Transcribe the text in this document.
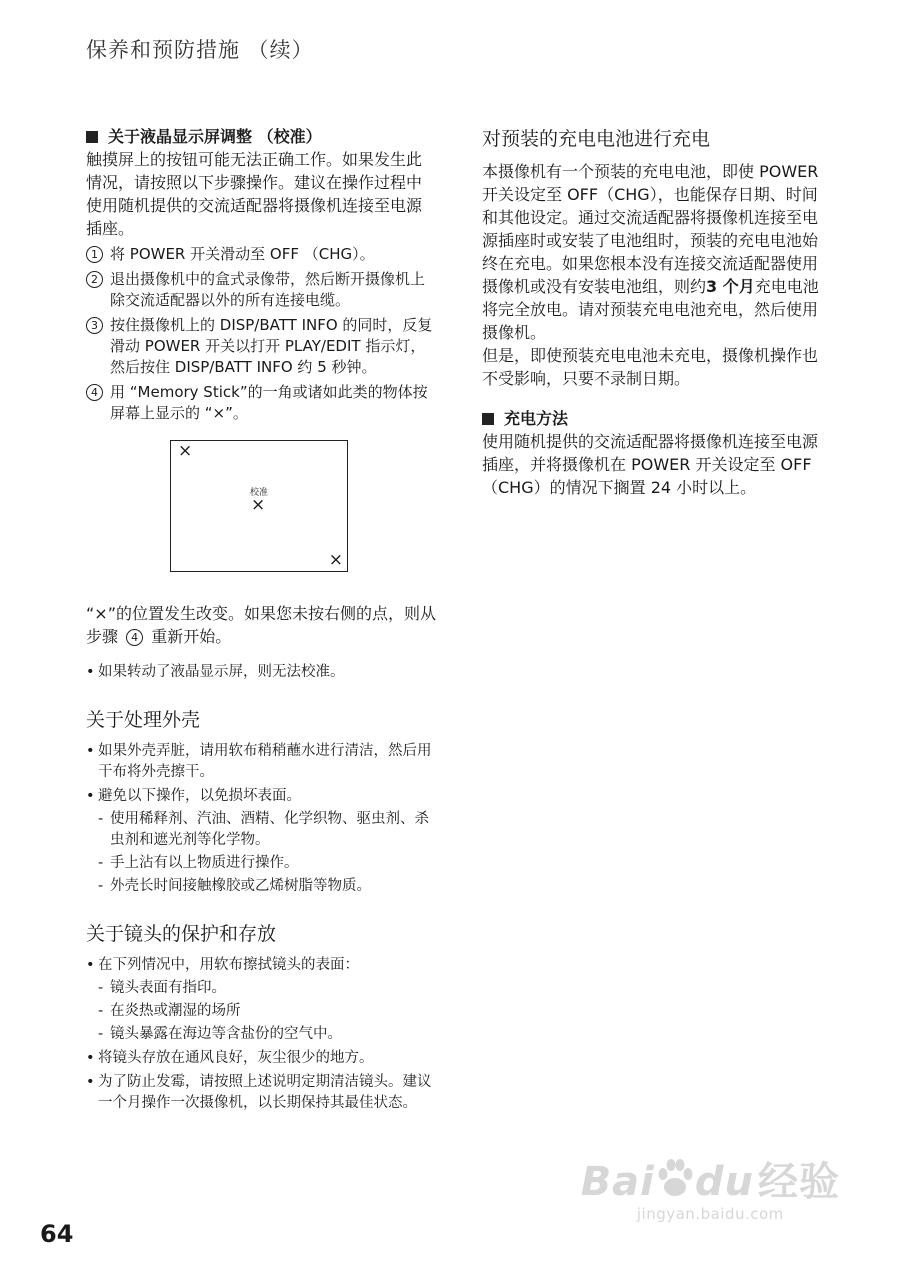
保养和预防措施 （续）
关于液晶显示屏调整 （校准）

触摸屏上的按钮可能无法正确工作。如果发生此情况，请按照以下步骤操作。建议在操作过程中使用随机提供的交流适配器将摄像机连接至电源插座。

1 将 POWER 开关滑动至 OFF （CHG）。
2 退出摄像机中的盒式录像带，然后断开摄像机上除交流适配器以外的所有连接电缆。
3 按住摄像机上的 DISP/BATT INFO 的同时，反复滑动 POWER 开关以打开 PLAY/EDIT 指示灯，然后按住 DISP/BATT INFO 约 5 秒钟。
4 用 “Memory Stick”的一角或诸如此类的物体按屏幕上显示的 “×”。
×
校准
×
×

“×”的位置发生改变。如果您未按右侧的点，则从步骤 4 重新开始。

• 如果转动了液晶显示屏，则无法校准。
关于处理外壳
• 如果外壳弄脏，请用软布稍稍蘸水进行清洁，然后用干布将外壳擦干。
• 避免以下操作，以免损坏表面。
- 使用稀释剂、汽油、酒精、化学织物、驱虫剂、杀虫剂和遮光剂等化学物。
- 手上沾有以上物质进行操作。
- 外壳长时间接触橡胶或乙烯树脂等物质。
关于镜头的保护和存放
• 在下列情况中，用软布擦拭镜头的表面：
- 镜头表面有指印。
- 在炎热或潮湿的场所
- 镜头暴露在海边等含盐份的空气中。
• 将镜头存放在通风良好，灰尘很少的地方。
• 为了防止发霉，请按照上述说明定期清洁镜头。建议一个月操作一次摄像机，以长期保持其最佳状态。
对预装的充电电池进行充电

本摄像机有一个预装的充电电池，即使 POWER 开关设定至 OFF（CHG），也能保存日期、时间和其他设定。通过交流适配器将摄像机连接至电源插座时或安装了电池组时，预装的充电电池始终在充电。如果您根本没有连接交流适配器使用摄像机或没有安装电池组，则约3 个月充电电池将完全放电。请对预装充电电池充电，然后使用摄像机。

但是，即使预装充电电池未充电，摄像机操作也不受影响，只要不录制日期。

充电方法

使用随机提供的交流适配器将摄像机连接至电源插座，并将摄像机在 POWER 开关设定至 OFF （CHG）的情况下搁置 24 小时以上。

64
Bai du 经验
jingyan.baidu.com
